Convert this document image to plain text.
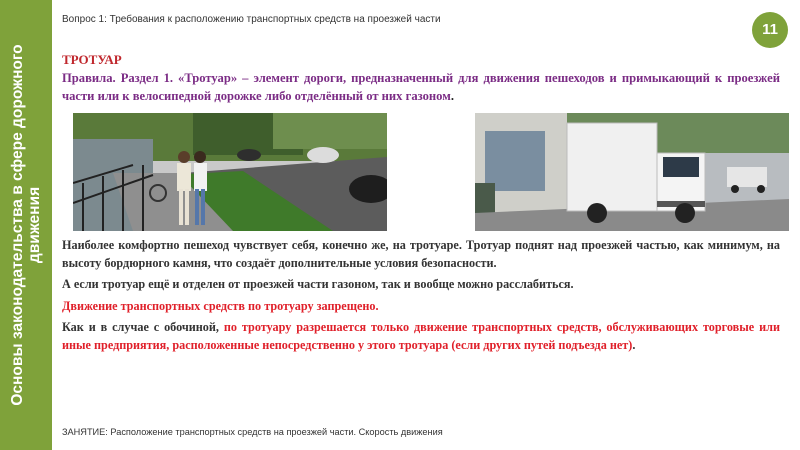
Основы законодательства в сфере дорожного движения
Вопрос 1: Требования к расположению транспортных средств на проезжей части
11
ТРОТУАР
Правила. Раздел 1. «Тротуар» – элемент дороги, предназначенный для движения пешеходов и примыкающий к проезжей части или к велосипедной дорожке либо отделённый от них газоном.

Наиболее комфортно пешеход чувствует себя, конечно же, на тротуаре. Тротуар поднят над проезжей частью, как минимум, на высоту бордюрного камня, что создаёт дополнительные условия безопасности.

А если тротуар ещё и отделен от проезжей части газоном, так и вообще можно расслабиться.

Движение транспортных средств по тротуару запрещено.

Как и в случае с обочиной, по тротуару разрешается только движение транспортных средств, обслуживающих торговые или иные предприятия, расположенные непосредственно у этого тротуара (если других путей подъезда нет).

ЗАНЯТИЕ: Расположение транспортных средств на проезжей части. Скорость движения
